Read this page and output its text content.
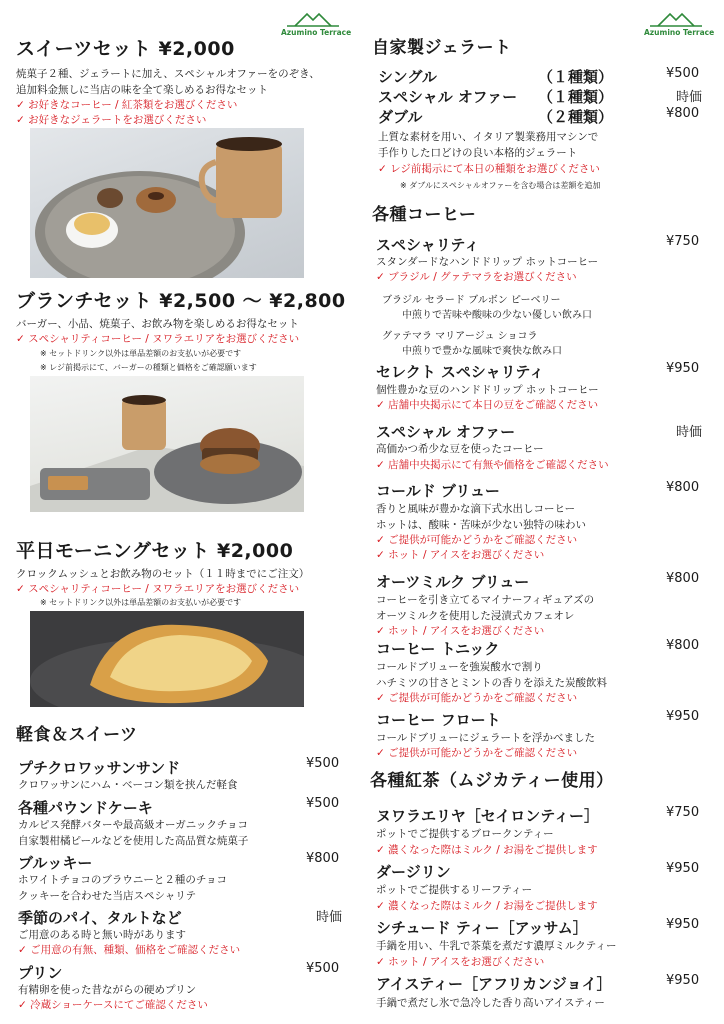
Azumino Terrace	Azumino Terrace
スイーツセット ¥2,000
焼菓子２種、ジェラートに加え、スペシャルオファーをのぞき、
追加料金無しに当店の味を全て楽しめるお得なセット
✓ お好きなコーヒー / 紅茶類をお選びください
✓ お好きなジェラートをお選びください
ブランチセット ¥2,500 〜 ¥2,800
バーガー、小品、焼菓子、お飲み物を楽しめるお得なセット
✓ スペシャリティコーヒー / ヌワラエリアをお選びください
※ セットドリンク以外は単品差額のお支払いが必要です
※ レジ前掲示にて、バーガーの種類と価格をご確認願います
平日モーニングセット ¥2,000
クロックムッシュとお飲み物のセット（１１時までにご注文）
✓ スペシャリティコーヒー / ヌワラエリアをお選びください
※ セットドリンク以外は単品差額のお支払いが必要です
軽食＆スイーツ
プチクロワッサンサンド	¥500
クロワッサンにハム・ベーコン類を挟んだ軽食
各種パウンドケーキ	¥500
カルピス発酵バターや最高級オーガニックチョコ
自家製柑橘ピールなどを使用した高品質な焼菓子
ブルッキー	¥800
ホワイトチョコのブラウニーと２種のチョコ
クッキーを合わせた当店スペシャリテ
季節のパイ、タルトなど	時価
ご用意のある時と無い時があります
✓ ご用意の有無、種類、価格をご確認ください
プリン	¥500
有精卵を使った昔ながらの硬めプリン
✓ 冷蔵ショーケースにてご確認ください
自家製ジェラート
シングル	（１種類）	¥500
スペシャル オファー （１種類）	時価
ダブル	（２種類）	¥800
上質な素材を用い、イタリア製業務用マシンで
手作りした口どけの良い本格的ジェラート
✓ レジ前掲示にて本日の種類をお選びください
※ ダブルにスペシャルオファーを含む場合は差額を追加
各種コーヒー
スペシャリティ	¥750
スタンダードなハンドドリップ ホットコーヒー
✓ ブラジル / グァテマラをお選びください
ブラジル セラード ブルボン ピーベリー
中煎りで苦味や酸味の少ない優しい飲み口
グァテマラ マリアージュ ショコラ
中煎りで豊かな風味で爽快な飲み口
セレクト スペシャリティ	¥950
個性豊かな豆のハンドドリップ ホットコーヒー
✓ 店舗中央掲示にて本日の豆をご確認ください
スペシャル オファー	時価
高価かつ希少な豆を使ったコーヒー
✓ 店舗中央掲示にて有無や価格をご確認ください
コールド ブリュー	¥800
香りと風味が豊かな滴下式水出しコーヒー
ホットは、酸味・苦味が少ない独特の味わい
✓ ご提供が可能かどうかをご確認ください
✓ ホット / アイスをお選びください
オーツミルク ブリュー	¥800
コーヒーを引き立てるマイナーフィギュアズの
オーツミルクを使用した浸漬式カフェオレ
✓ ホット / アイスをお選びください
コーヒー トニック	¥800
コールドブリューを強炭酸水で割り
ハチミツの甘さとミントの香りを添えた炭酸飲料
✓ ご提供が可能かどうかをご確認ください
コーヒー フロート	¥950
コールドブリューにジェラートを浮かべました
✓ ご提供が可能かどうかをご確認ください
各種紅茶（ムジカティー使用）
ヌワラエリヤ［セイロンティー］	¥750
ポットでご提供するブロークンティー
✓ 濃くなった際はミルク / お湯をご提供します
ダージリン	¥950
ポットでご提供するリーフティー
✓ 濃くなった際はミルク / お湯をご提供します
シチュード ティー［アッサム］	¥950
手鍋を用い、牛乳で茶葉を煮だす濃厚ミルクティー
✓ ホット / アイスをお選びください
アイスティー［アフリカンジョイ］	¥950
手鍋で煮だし氷で急冷した香り高いアイスティー
